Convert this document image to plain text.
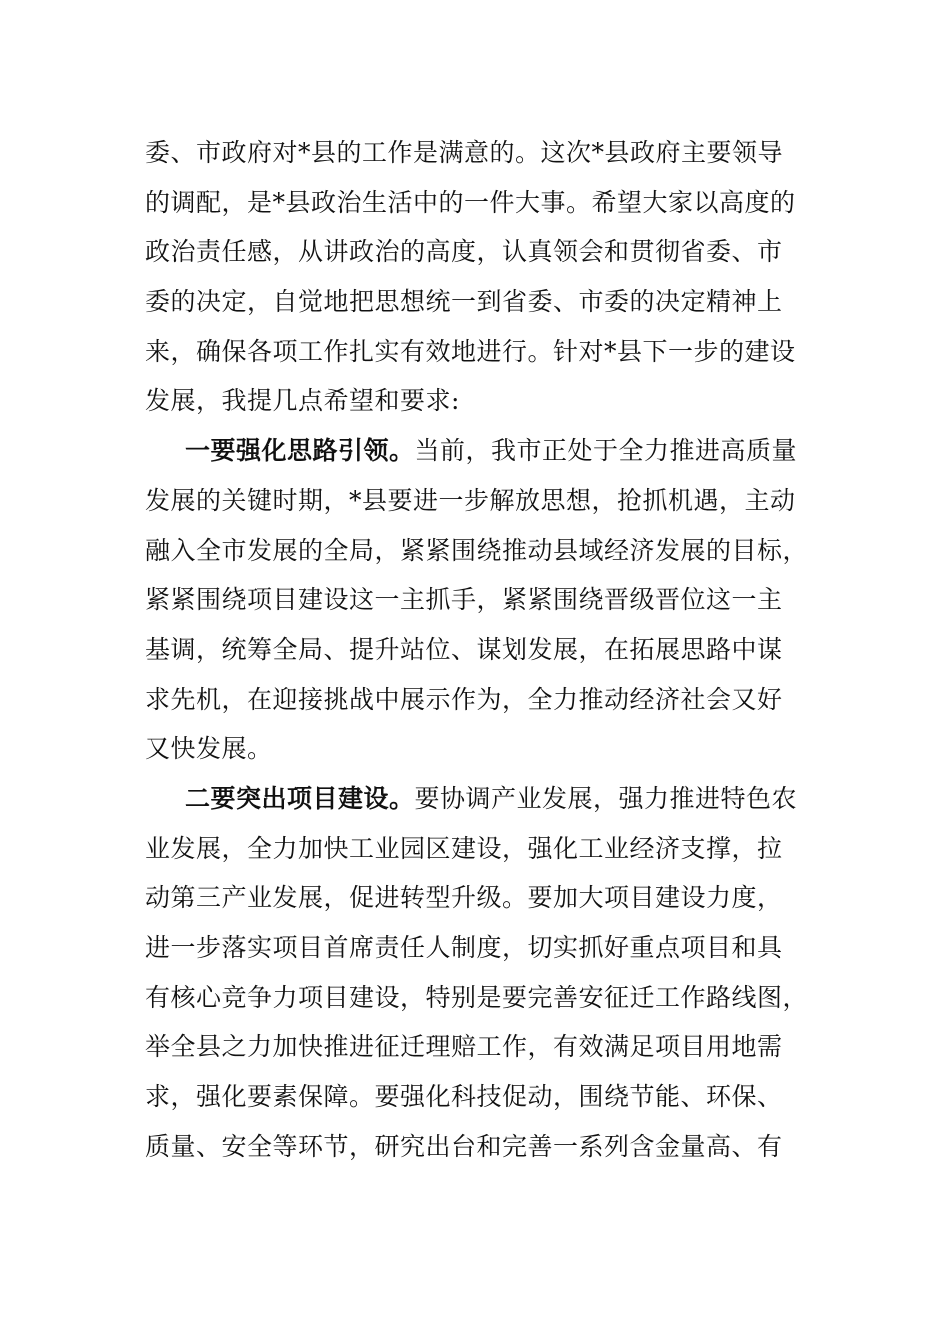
委、市政府对*县的工作是满意的。这次*县政府主要领导
的调配，是*县政治生活中的一件大事。希望大家以高度的
政治责任感，从讲政治的高度，认真领会和贯彻省委、市
委的决定，自觉地把思想统一到省委、市委的决定精神上
来，确保各项工作扎实有效地进行。针对*县下一步的建设
发展，我提几点希望和要求:
一要强化思路引领。当前，我市正处于全力推进高质量
发展的关键时期，*县要进一步解放思想，抢抓机遇，主动
融入全市发展的全局，紧紧围绕推动县域经济发展的目标，
紧紧围绕项目建设这一主抓手，紧紧围绕晋级晋位这一主
基调，统筹全局、提升站位、谋划发展，在拓展思路中谋
求先机，在迎接挑战中展示作为，全力推动经济社会又好
又快发展。
二要突出项目建设。要协调产业发展，强力推进特色农
业发展，全力加快工业园区建设，强化工业经济支撑，拉
动第三产业发展，促进转型升级。要加大项目建设力度，
进一步落实项目首席责任人制度，切实抓好重点项目和具
有核心竞争力项目建设，特别是要完善安征迁工作路线图，
举全县之力加快推进征迁理赔工作，有效满足项目用地需
求，强化要素保障。要强化科技促动，围绕节能、环保、
质量、安全等环节，研究出台和完善一系列含金量高、有
